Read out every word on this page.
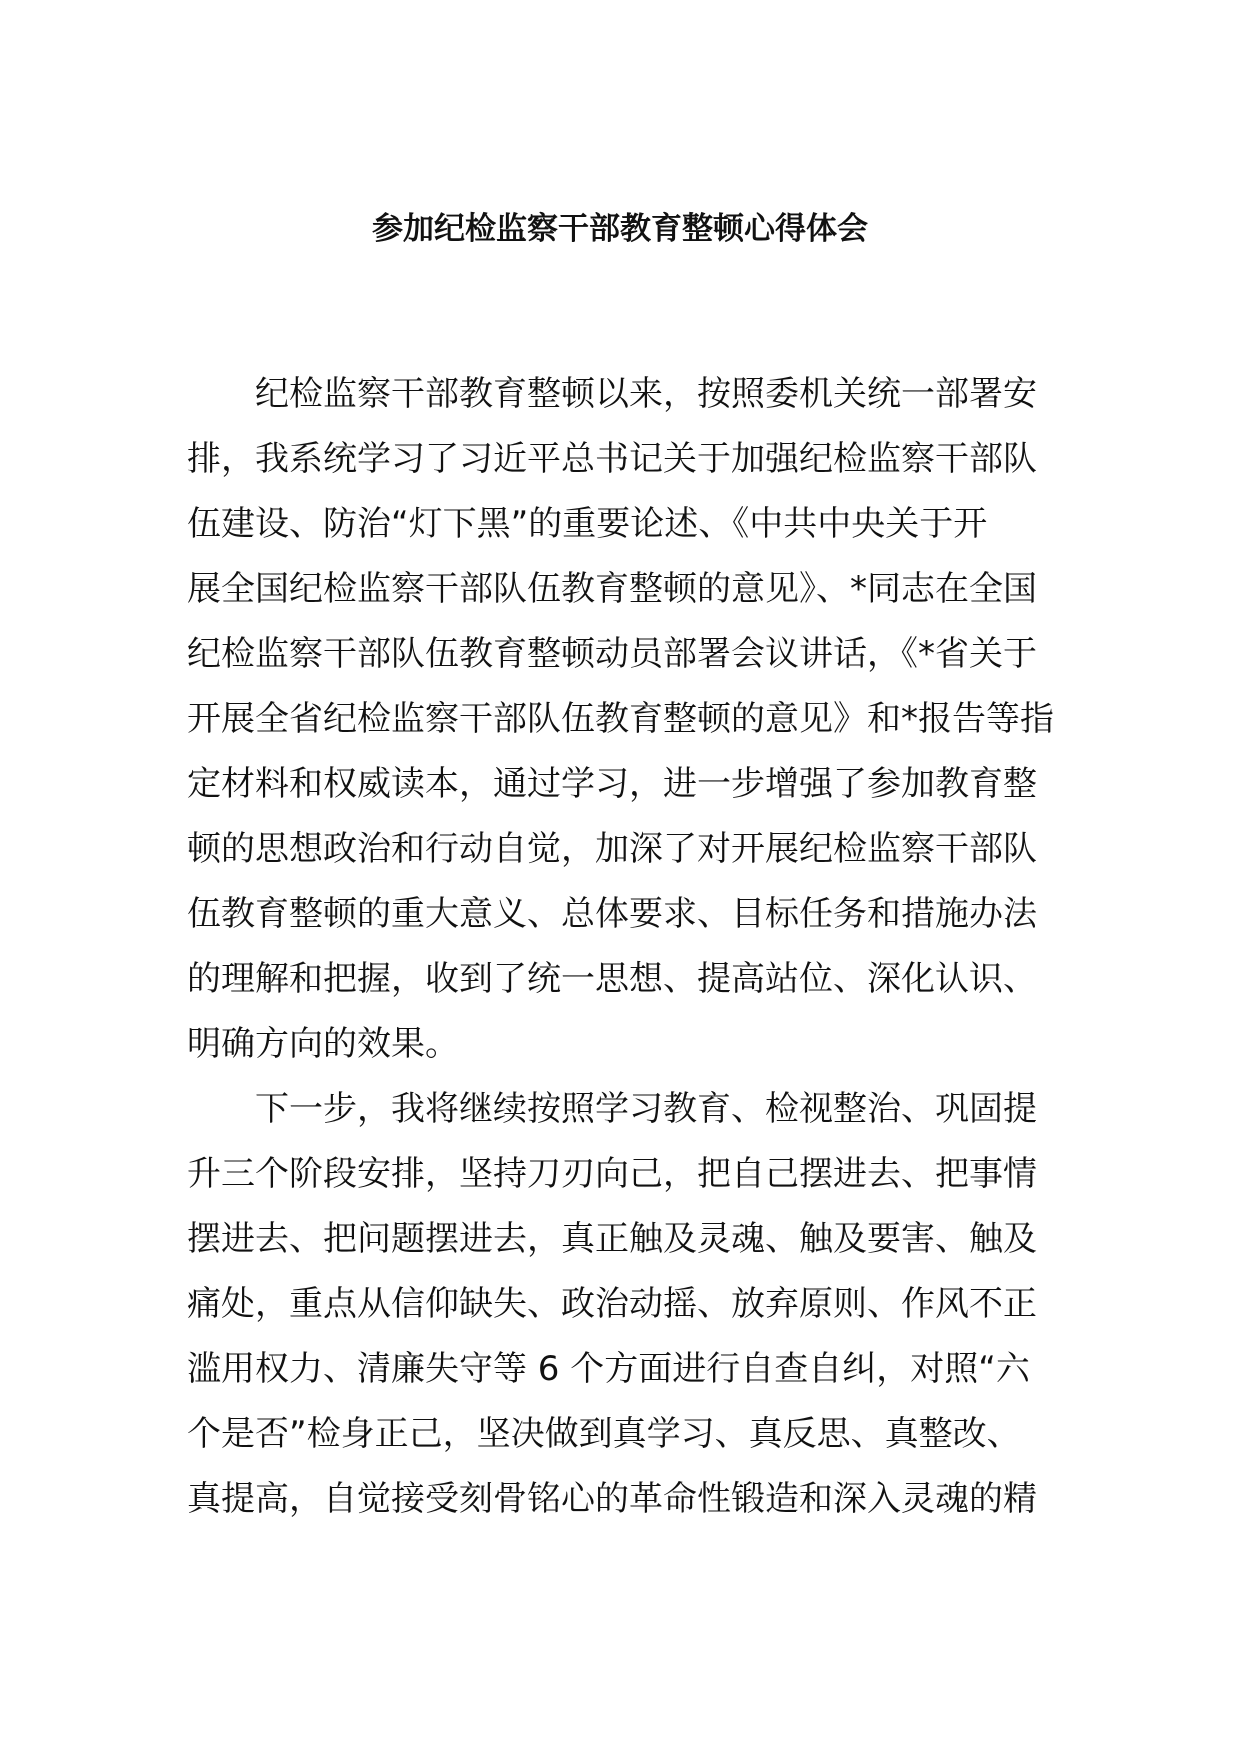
参加纪检监察干部教育整顿心得体会
纪检监察干部教育整顿以来，按照委机关统一部署安
排，我系统学习了习近平总书记关于加强纪检监察干部队
伍建设、防治“灯下黑”的重要论述、《中共中央关于开
展全国纪检监察干部队伍教育整顿的意见》、*同志在全国
纪检监察干部队伍教育整顿动员部署会议讲话，《*省关于
开展全省纪检监察干部队伍教育整顿的意见》和*报告等指
定材料和权威读本，通过学习，进一步增强了参加教育整
顿的思想政治和行动自觉，加深了对开展纪检监察干部队
伍教育整顿的重大意义、总体要求、目标任务和措施办法
的理解和把握，收到了统一思想、提高站位、深化认识、
明确方向的效果。
下一步，我将继续按照学习教育、检视整治、巩固提
升三个阶段安排，坚持刀刃向己，把自己摆进去、把事情
摆进去、把问题摆进去，真正触及灵魂、触及要害、触及
痛处，重点从信仰缺失、政治动摇、放弃原则、作风不正
滥用权力、清廉失守等 6 个方面进行自查自纠，对照“六
个是否”检身正己，坚决做到真学习、真反思、真整改、
真提高，自觉接受刻骨铭心的革命性锻造和深入灵魂的精
